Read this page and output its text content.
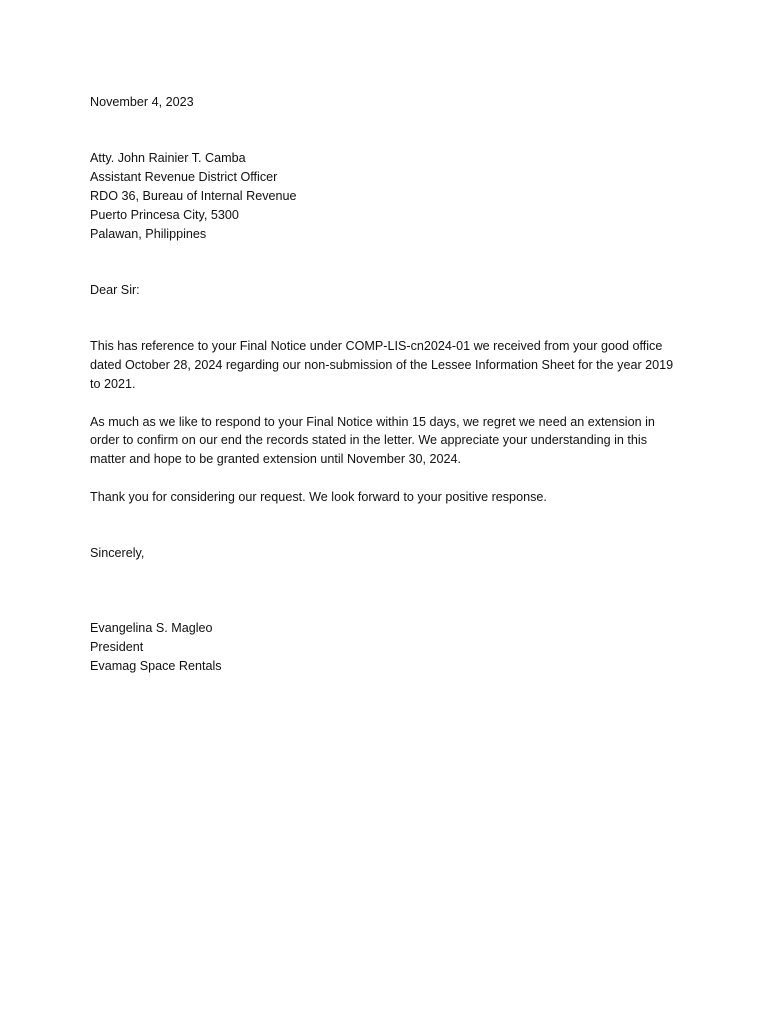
November 4, 2023
Atty. John Rainier T. Camba
Assistant Revenue District Officer
RDO 36, Bureau of Internal Revenue
Puerto Princesa City, 5300
Palawan, Philippines
Dear Sir:
This has reference to your Final Notice under COMP-LIS-cn2024-01 we received from your good office dated October 28, 2024 regarding our non-submission of the Lessee Information Sheet for the year 2019 to 2021.
As much as we like to respond to your Final Notice within 15 days, we regret we need an extension in order to confirm on our end the records stated in the letter. We appreciate your understanding in this matter and hope to be granted extension until November 30, 2024.
Thank you for considering our request. We look forward to your positive response.
Sincerely,
Evangelina S. Magleo
President
Evamag Space Rentals
